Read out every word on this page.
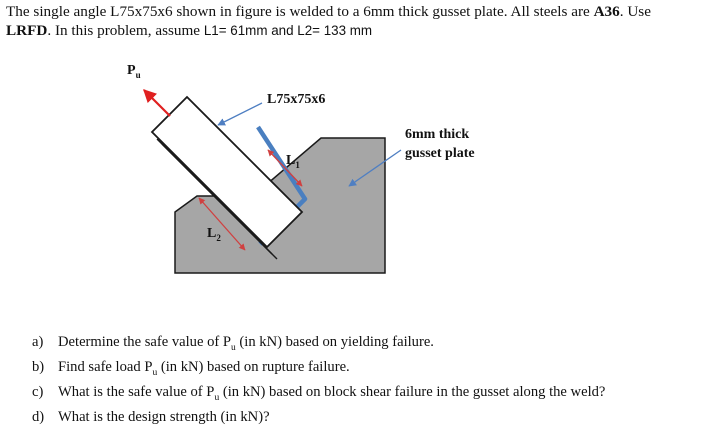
The single angle L75x75x6 shown in figure is welded to a 6mm thick gusset plate. All steels are A36. Use
LRFD. In this problem, assume L1= 61mm and L2= 133 mm
$P_u$
L75x75x6
6mm thick
gusset plate
$L_1$
$L_2$
a) Determine the safe value of $P_u$ (in kN) based on yielding failure.
b) Find safe load $P_u$ (in kN) based on rupture failure.
c) What is the safe value of $P_u$ (in kN) based on block shear failure in the gusset along the weld?
d) What is the design strength (in kN)?
